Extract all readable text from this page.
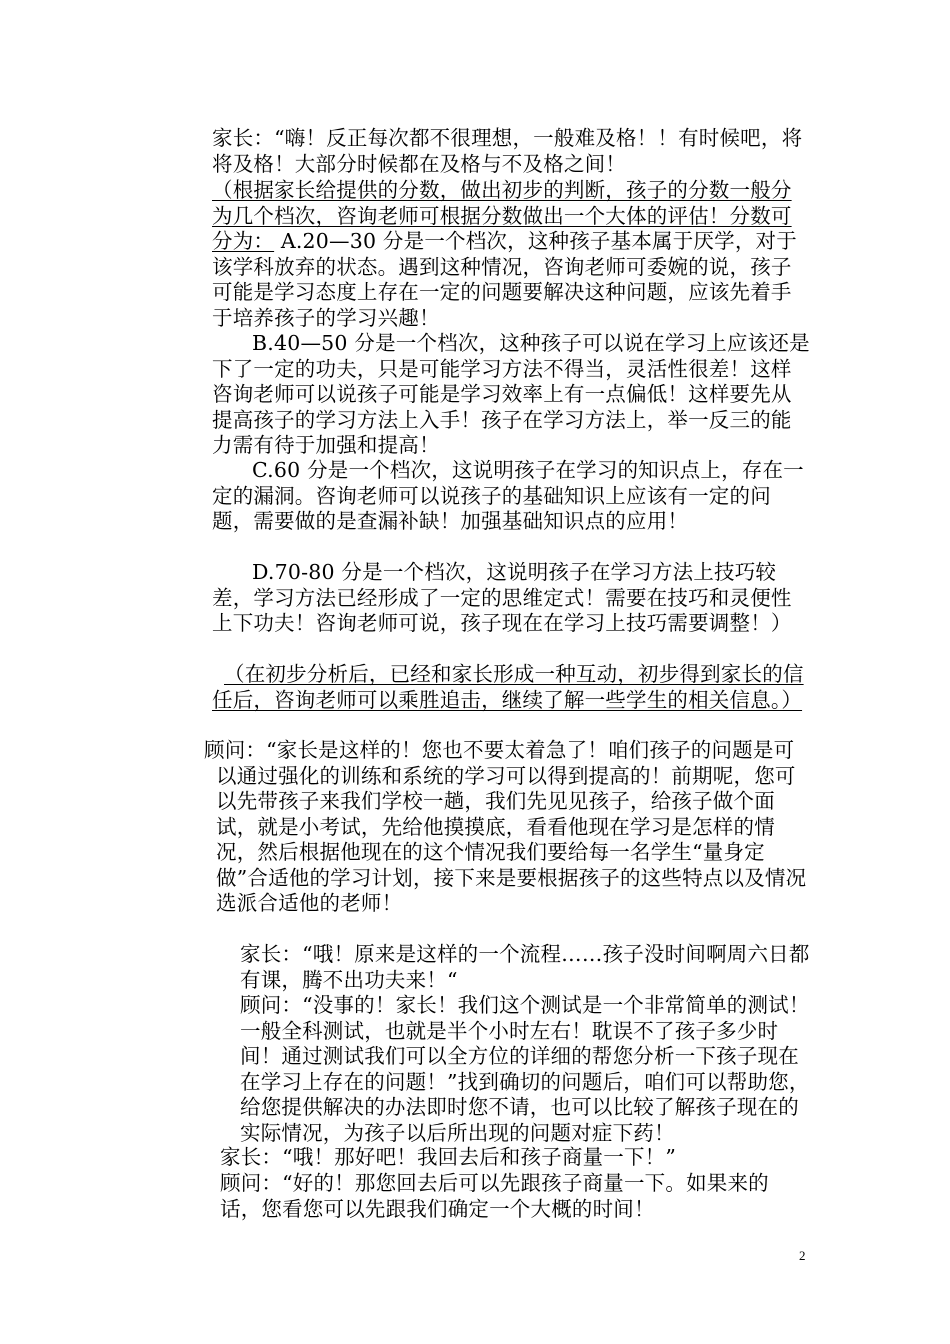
家长：“嗨！反正每次都不很理想，一般难及格！！有时候吧，将将及格！大部分时候都在及格与不及格之间！

（根据家长给提供的分数，做出初步的判断，孩子的分数一般分为几个档次，咨询老师可根据分数做出一个大体的评估！分数可分为： A.20—30 分是一个档次，这种孩子基本属于厌学，对于该学科放弃的状态。遇到这种情况，咨询老师可委婉的说，孩子可能是学习态度上存在一定的问题要解决这种问题，应该先着手于培养孩子的学习兴趣！

B.40—50 分是一个档次，这种孩子可以说在学习上应该还是下了一定的功夫，只是可能学习方法不得当，灵活性很差！这样咨询老师可以说孩子可能是学习效率上有一点偏低！这样要先从提高孩子的学习方法上入手！孩子在学习方法上，举一反三的能力需有待于加强和提高！

C.60 分是一个档次，这说明孩子在学习的知识点上，存在一定的漏洞。咨询老师可以说孩子的基础知识上应该有一定的问题，需要做的是查漏补缺！加强基础知识点的应用！

D.70-80 分是一个档次，这说明孩子在学习方法上技巧较差，学习方法已经形成了一定的思维定式！需要在技巧和灵便性上下功夫！咨询老师可说，孩子现在在学习上技巧需要调整！）

（在初步分析后，已经和家长形成一种互动，初步得到家长的信任后，咨询老师可以乘胜追击，继续了解一些学生的相关信息。）

顾问：“家长是这样的！您也不要太着急了！咱们孩子的问题是可以通过强化的训练和系统的学习可以得到提高的！前期呢，您可以先带孩子来我们学校一趟，我们先见见孩子，给孩子做个面试，就是小考试，先给他摸摸底，看看他现在学习是怎样的情况，然后根据他现在的这个情况我们要给每一名学生“量身定做”合适他的学习计划，接下来是要根据孩子的这些特点以及情况选派合适他的老师！

家长：“哦！原来是这样的一个流程……孩子没时间啊周六日都有课，腾不出功夫来！“

顾问：“没事的！家长！我们这个测试是一个非常简单的测试！一般全科测试，也就是半个小时左右！耽误不了孩子多少时间！通过测试我们可以全方位的详细的帮您分析一下孩子现在在学习上存在的问题！”找到确切的问题后，咱们可以帮助您，给您提供解决的办法即时您不请，也可以比较了解孩子现在的实际情况，为孩子以后所出现的问题对症下药！

家长：“哦！那好吧！我回去后和孩子商量一下！”

顾问：“好的！那您回去后可以先跟孩子商量一下。如果来的话，您看您可以先跟我们确定一个大概的时间！

2
